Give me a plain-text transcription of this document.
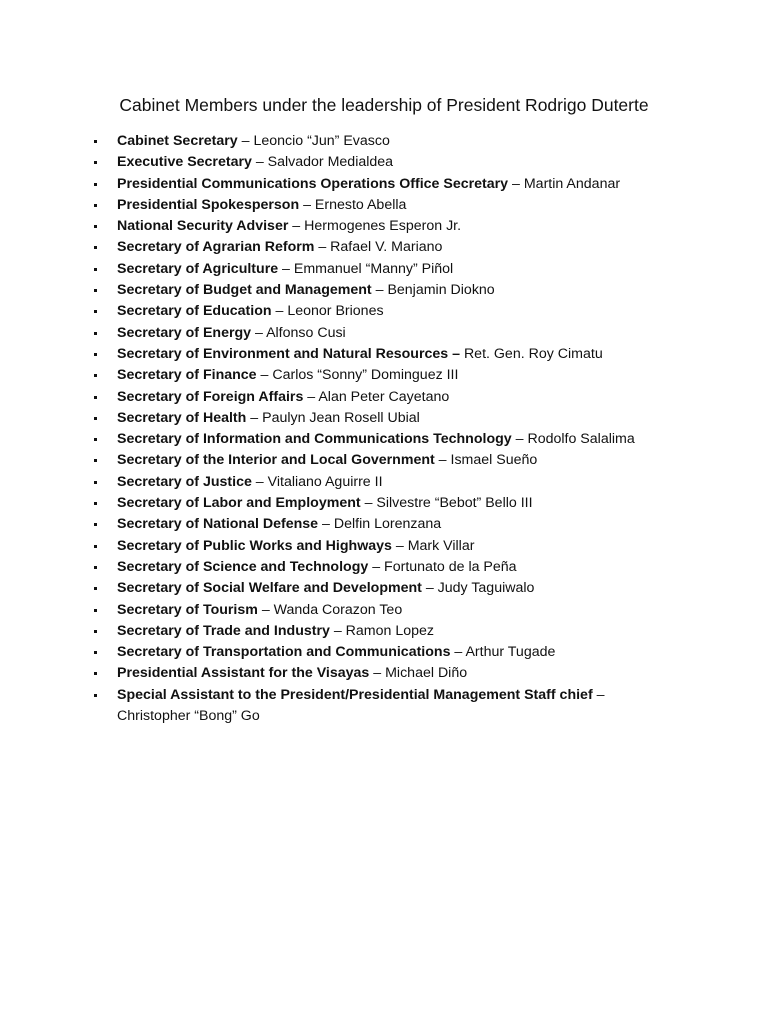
Cabinet Members under the leadership of President Rodrigo Duterte
Cabinet Secretary – Leoncio “Jun” Evasco
Executive Secretary – Salvador Medialdea
Presidential Communications Operations Office Secretary – Martin Andanar
Presidential Spokesperson – Ernesto Abella
National Security Adviser – Hermogenes Esperon Jr.
Secretary of Agrarian Reform – Rafael V. Mariano
Secretary of Agriculture – Emmanuel “Manny” Piñol
Secretary of Budget and Management – Benjamin Diokno
Secretary of Education – Leonor Briones
Secretary of Energy – Alfonso Cusi
Secretary of Environment and Natural Resources – Ret. Gen. Roy Cimatu
Secretary of Finance – Carlos “Sonny” Dominguez III
Secretary of Foreign Affairs – Alan Peter Cayetano
Secretary of Health – Paulyn Jean Rosell Ubial
Secretary of Information and Communications Technology – Rodolfo Salalima
Secretary of the Interior and Local Government – Ismael Sueño
Secretary of Justice – Vitaliano Aguirre II
Secretary of Labor and Employment – Silvestre “Bebot” Bello III
Secretary of National Defense – Delfin Lorenzana
Secretary of Public Works and Highways – Mark Villar
Secretary of Science and Technology – Fortunato de la Peña
Secretary of Social Welfare and Development – Judy Taguiwalo
Secretary of Tourism – Wanda Corazon Teo
Secretary of Trade and Industry – Ramon Lopez
Secretary of Transportation and Communications – Arthur Tugade
Presidential Assistant for the Visayas – Michael Diño
Special Assistant to the President/Presidential Management Staff chief – Christopher “Bong” Go
